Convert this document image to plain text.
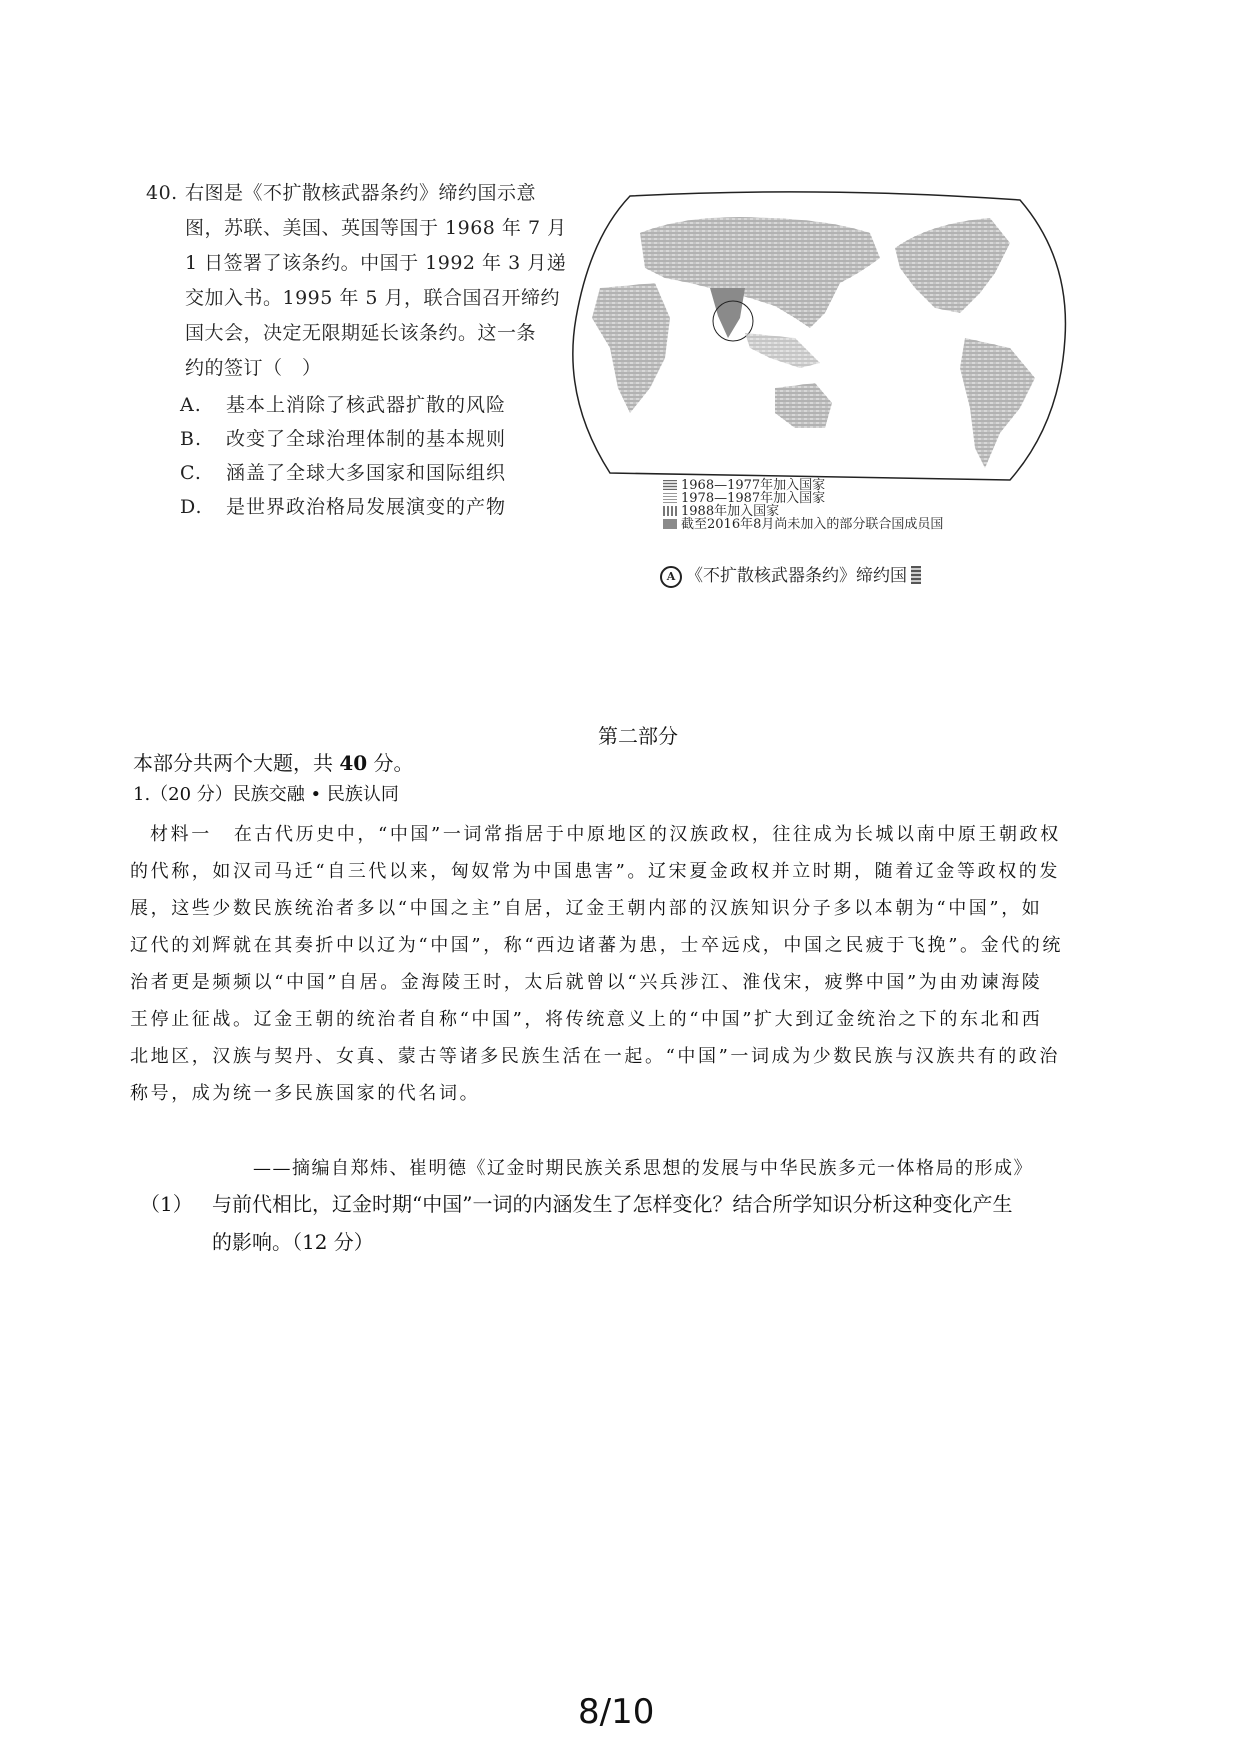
40. 右图是《不扩散核武器条约》缔约国示意
图，苏联、美国、英国等国于 1968 年 7 月
1 日签署了该条约。中国于 1992 年 3 月递
交加入书。1995 年 5 月，联合国召开缔约
国大会，决定无限期延长该条约。这一条
约的签订（　）
A. 基本上消除了核武器扩散的风险
B. 改变了全球治理体制的基本规则
C. 涵盖了全球大多国家和国际组织
D. 是世界政治格局发展演变的产物
1968—1977年加入国家
1978—1987年加入国家
1988年加入国家
截至2016年8月尚未加入的部分联合国成员国
A 《不扩散核武器条约》缔约国
第二部分
本部分共两个大题，共 40 分。
1.（20 分）民族交融 • 民族认同
材料一 在古代历史中，“中国”一词常指居于中原地区的汉族政权，往往成为长城以南中原王朝政权
的代称，如汉司马迁“自三代以来，匈奴常为中国患害”。辽宋夏金政权并立时期，随着辽金等政权的发
展，这些少数民族统治者多以“中国之主”自居，辽金王朝内部的汉族知识分子多以本朝为“中国”，如
辽代的刘辉就在其奏折中以辽为“中国”，称“西边诸蕃为患，士卒远戍，中国之民疲于飞挽”。金代的统
治者更是频频以“中国”自居。金海陵王时，太后就曾以“兴兵涉江、淮伐宋，疲弊中国”为由劝谏海陵
王停止征战。辽金王朝的统治者自称“中国”，将传统意义上的“中国”扩大到辽金统治之下的东北和西
北地区，汉族与契丹、女真、蒙古等诸多民族生活在一起。“中国”一词成为少数民族与汉族共有的政治
称号，成为统一多民族国家的代名词。
——摘编自郑炜、崔明德《辽金时期民族关系思想的发展与中华民族多元一体格局的形成》
（1） 与前代相比，辽金时期“中国”一词的内涵发生了怎样变化？结合所学知识分析这种变化产生
的影响。（12 分）
8/10
